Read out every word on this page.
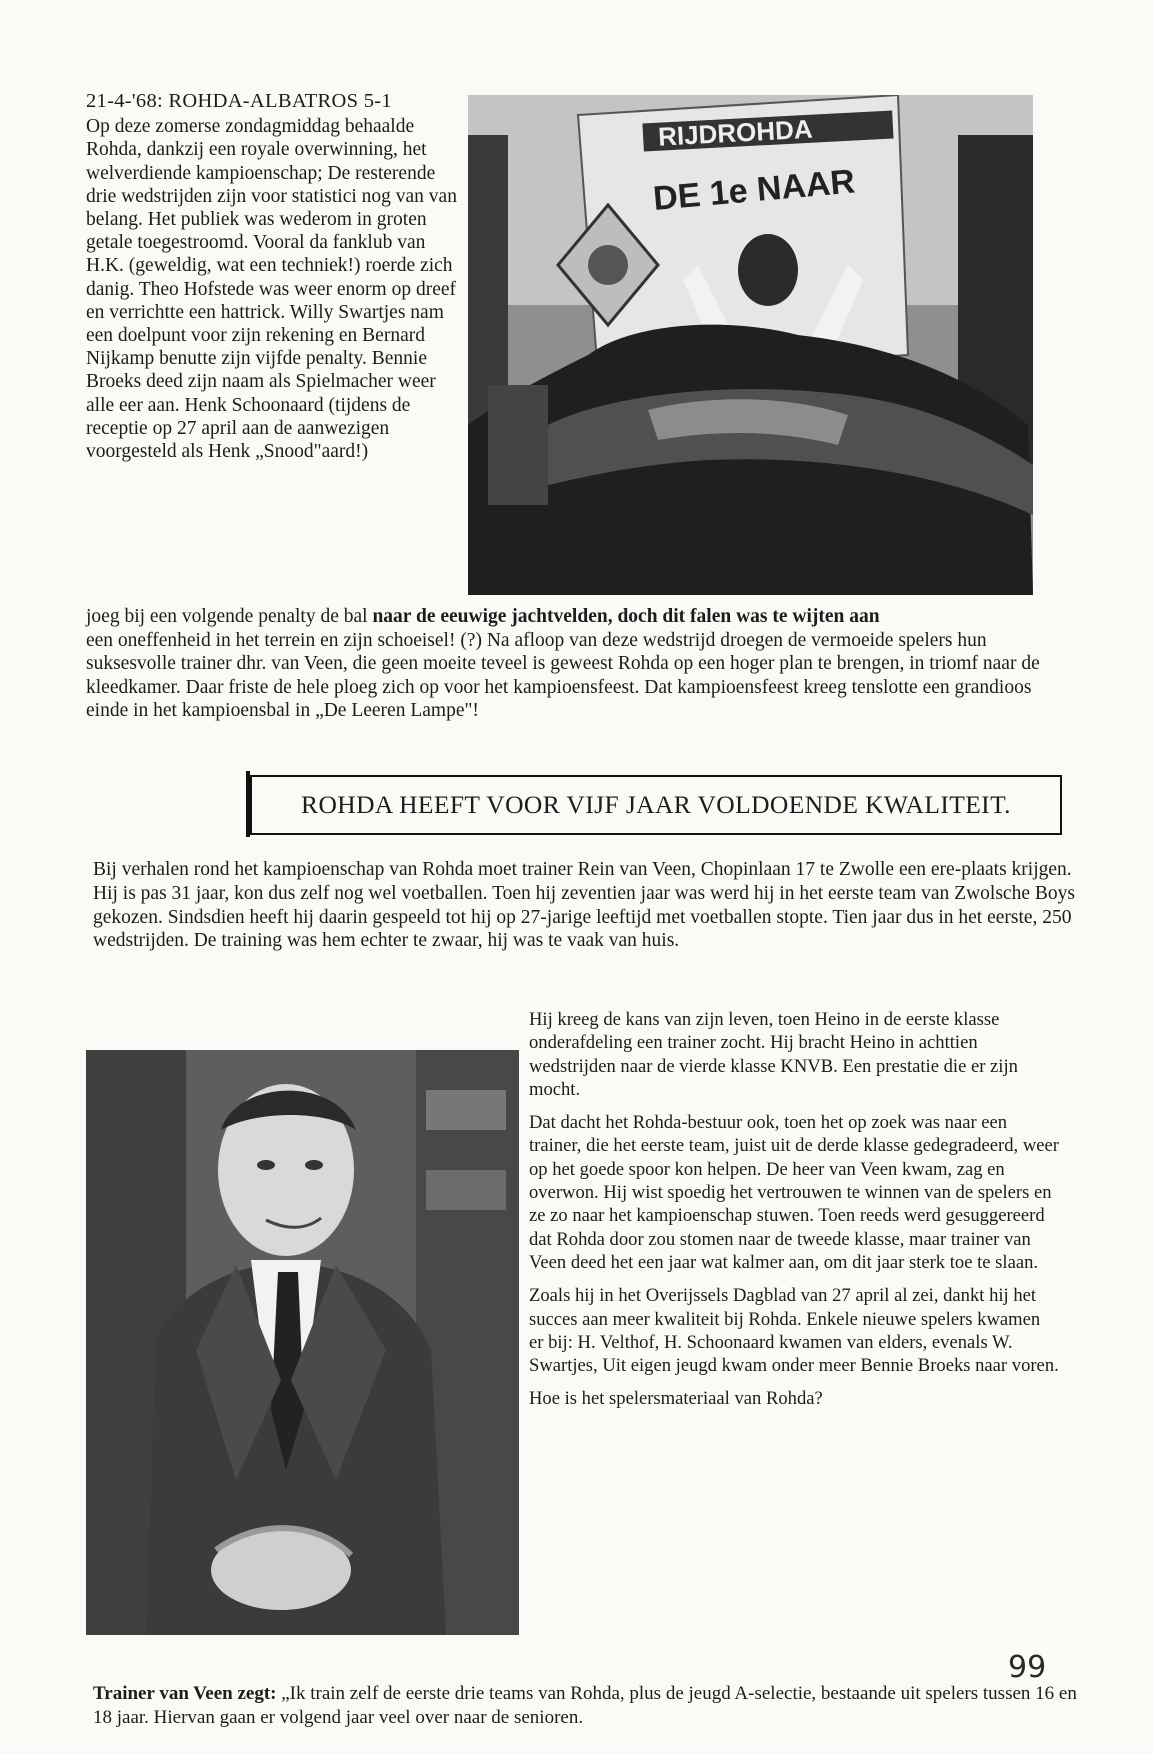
21-4-'68: ROHDA-ALBATROS 5-1

Op deze zomerse zondagmiddag behaalde Rohda, dankzij een royale overwinning, het welverdiende kampioenschap; De resterende drie wedstrijden zijn voor statistici nog van van belang. Het publiek was wederom in groten getale toegestroomd. Vooral da fanklub van H.K. (geweldig, wat een techniek!) roerde zich danig. Theo Hofstede was weer enorm op dreef en verrichtte een hattrick. Willy Swartjes nam een doelpunt voor zijn rekening en Bernard Nijkamp benutte zijn vijfde penalty. Bennie Broeks deed zijn naam als Spielmacher weer alle eer aan. Henk Schoonaard (tijdens de receptie op 27 april aan de aanwezigen voorgesteld als Henk „Snood"aard!)

RIJDROHDA
DE 1e NAAR

joeg bij een volgende penalty de bal naar de eeuwige jachtvelden, doch dit falen was te wijten aan

een oneffenheid in het terrein en zijn schoeisel! (?) Na afloop van deze wedstrijd droegen de vermoeide spelers hun suksesvolle trainer dhr. van Veen, die geen moeite teveel is geweest Rohda op een hoger plan te brengen, in triomf naar de kleedkamer. Daar friste de hele ploeg zich op voor het kampioensfeest. Dat kampioensfeest kreeg tenslotte een grandioos einde in het kampioensbal in „De Leeren Lampe"!

ROHDA HEEFT VOOR VIJF JAAR VOLDOENDE KWALITEIT.

Bij verhalen rond het kampioenschap van Rohda moet trainer Rein van Veen, Chopinlaan 17 te Zwolle een ere-plaats krijgen. Hij is pas 31 jaar, kon dus zelf nog wel voetballen. Toen hij zeventien jaar was werd hij in het eerste team van Zwolsche Boys gekozen. Sindsdien heeft hij daarin gespeeld tot hij op 27-jarige leeftijd met voetballen stopte. Tien jaar dus in het eerste, 250 wedstrijden. De training was hem echter te zwaar, hij was te vaak van huis.

Hij kreeg de kans van zijn leven, toen Heino in de eerste klasse onderafdeling een trainer zocht. Hij bracht Heino in achttien wedstrijden naar de vierde klasse KNVB. Een prestatie die er zijn mocht.

Dat dacht het Rohda-bestuur ook, toen het op zoek was naar een trainer, die het eerste team, juist uit de derde klasse gedegradeerd, weer op het goede spoor kon helpen. De heer van Veen kwam, zag en overwon. Hij wist spoedig het vertrouwen te winnen van de spelers en ze zo naar het kampioenschap stuwen. Toen reeds werd gesuggereerd dat Rohda door zou stomen naar de tweede klasse, maar trainer van Veen deed het een jaar wat kalmer aan, om dit jaar sterk toe te slaan.

Zoals hij in het Overijssels Dagblad van 27 april al zei, dankt hij het succes aan meer kwaliteit bij Rohda. Enkele nieuwe spelers kwamen er bij: H. Velthof, H. Schoonaard kwamen van elders, evenals W. Swartjes, Uit eigen jeugd kwam onder meer Bennie Broeks naar voren.

Hoe is het spelersmateriaal van Rohda?

99

Trainer van Veen zegt: „Ik train zelf de eerste drie teams van Rohda, plus de jeugd A-selectie, bestaande uit spelers tussen 16 en 18 jaar. Hiervan gaan er volgend jaar veel over naar de senioren.
